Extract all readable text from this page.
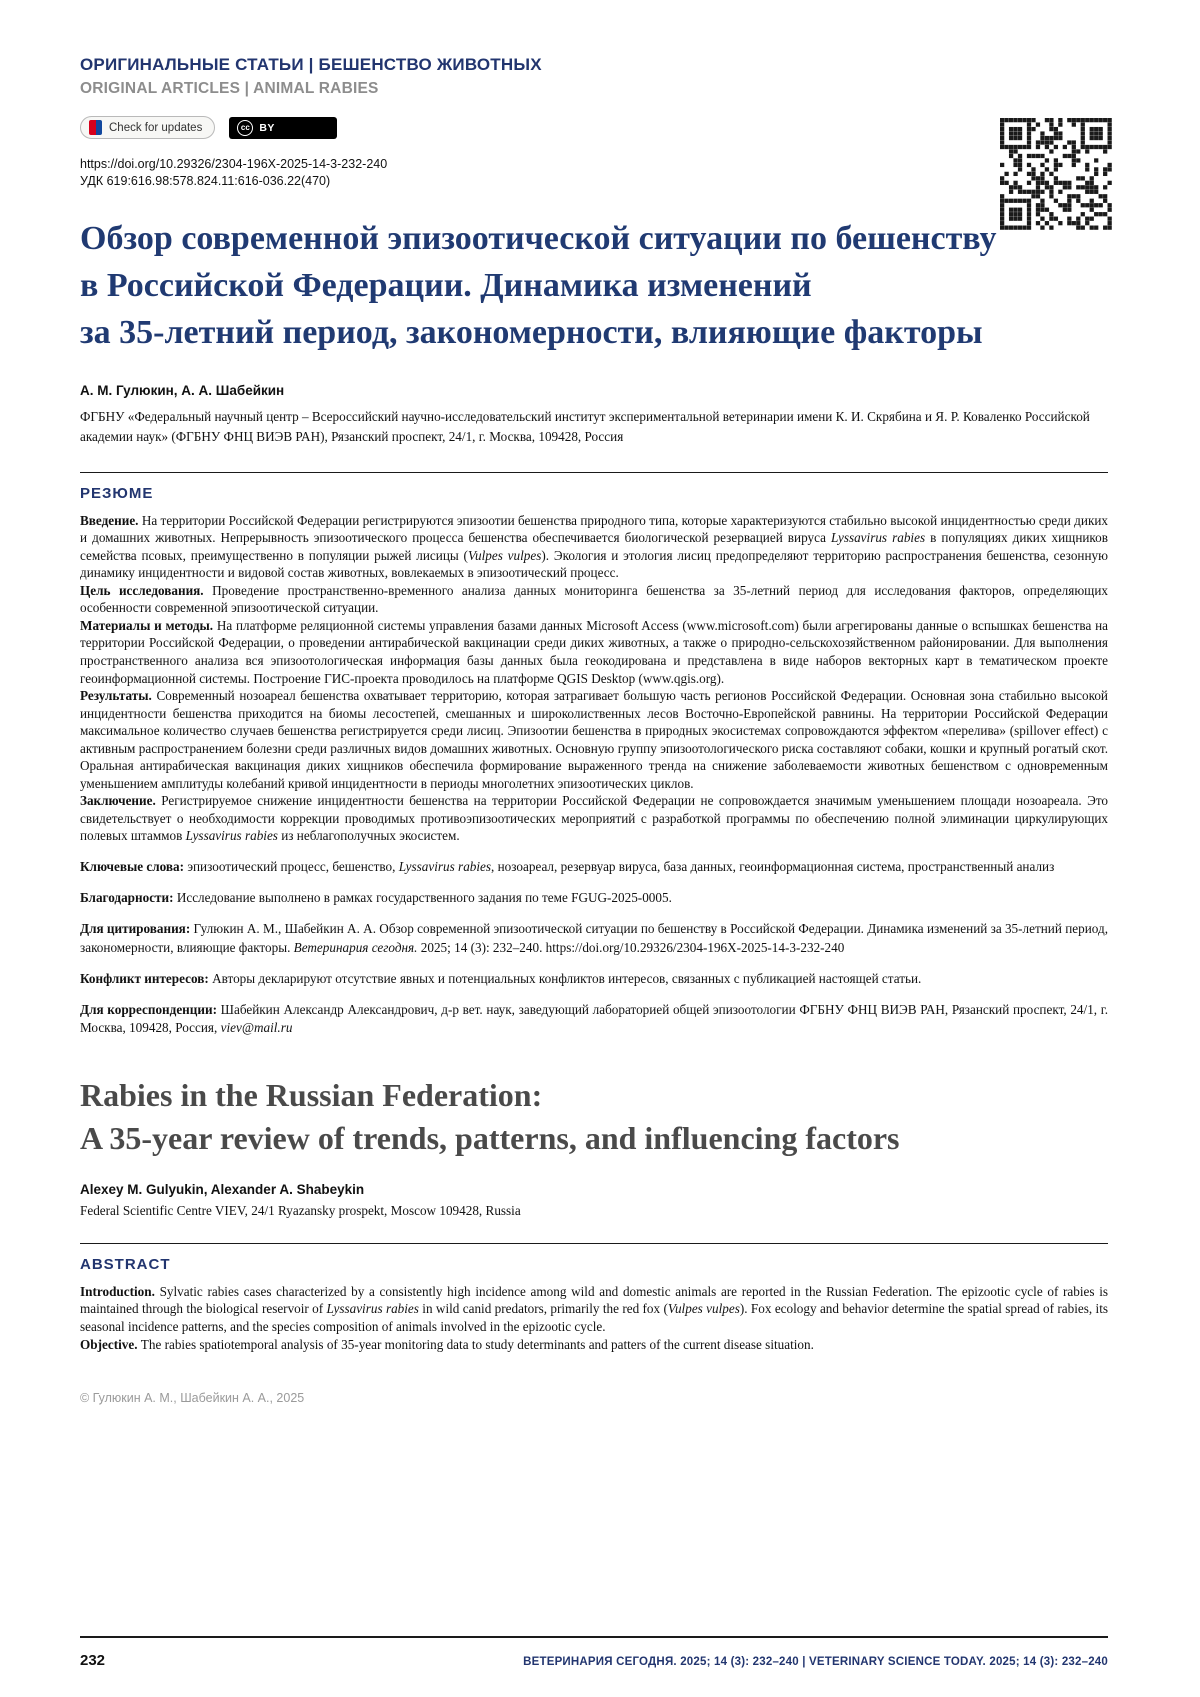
ОРИГИНАЛЬНЫЕ СТАТЬИ | БЕШЕНСТВО ЖИВОТНЫХ
ORIGINAL ARTICLES | ANIMAL RABIES
Check for updates	cc BY
https://doi.org/10.29326/2304-196X-2025-14-3-232-240
УДК 619:616.98:578.824.11:616-036.22(470)
Обзор современной эпизоотической ситуации по бешенству
в Российской Федерации. Динамика изменений
за 35-летний период, закономерности, влияющие факторы
А. М. Гулюкин, А. А. Шабейкин
ФГБНУ «Федеральный научный центр – Всероссийский научно-исследовательский институт экспериментальной ветеринарии имени К. И. Скрябина и Я. Р. Коваленко Российской академии наук» (ФГБНУ ФНЦ ВИЭВ РАН), Рязанский проспект, 24/1, г. Москва, 109428, Россия
РЕЗЮМЕ

Введение. На территории Российской Федерации регистрируются эпизоотии бешенства природного типа, которые характеризуются стабильно высокой инцидентностью среди диких и домашних животных. Непрерывность эпизоотического процесса бешенства обеспечивается биологической резервацией вируса Lyssavirus rabies в популяциях диких хищников семейства псовых, преимущественно в популяции рыжей лисицы (Vulpes vulpes). Экология и этология лисиц предопределяют территорию распространения бешенства, сезонную динамику инцидентности и видовой состав животных, вовлекаемых в эпизоотический процесс.

Цель исследования. Проведение пространственно-временного анализа данных мониторинга бешенства за 35-летний период для исследования факторов, определяющих особенности современной эпизоотической ситуации.

Материалы и методы. На платформе реляционной системы управления базами данных Microsoft Access (www.microsoft.com) были агрегированы данные о вспышках бешенства на территории Российской Федерации, о проведении антирабической вакцинации среди диких животных, а также о природно-сельскохозяйственном районировании. Для выполнения пространственного анализа вся эпизоотологическая информация базы данных была геокодирована и представлена в виде наборов векторных карт в тематическом проекте геоинформационной системы. Построение ГИС-проекта проводилось на платформе QGIS Desktop (www.qgis.org).

Результаты. Современный нозоареал бешенства охватывает территорию, которая затрагивает большую часть регионов Российской Федерации. Основная зона стабильно высокой инцидентности бешенства приходится на биомы лесостепей, смешанных и широколиственных лесов Восточно-Европейской равнины. На территории Российской Федерации максимальное количество случаев бешенства регистрируется среди лисиц. Эпизоотии бешенства в природных экосистемах сопровождаются эффектом «перелива» (spillover effect) с активным распространением болезни среди различных видов домашних животных. Основную группу эпизоотологического риска составляют собаки, кошки и крупный рогатый скот. Оральная антирабическая вакцинация диких хищников обеспечила формирование выраженного тренда на снижение заболеваемости животных бешенством с одновременным уменьшением амплитуды колебаний кривой инцидентности в периоды многолетних эпизоотических циклов.

Заключение. Регистрируемое снижение инцидентности бешенства на территории Российской Федерации не сопровождается значимым уменьшением площади нозоареала. Это свидетельствует о необходимости коррекции проводимых противоэпизоотических мероприятий с разработкой программы по обеспечению полной элиминации циркулирующих полевых штаммов Lyssavirus rabies из неблагополучных экосистем.

Ключевые слова: эпизоотический процесс, бешенство, Lyssavirus rabies, нозоареал, резервуар вируса, база данных, геоинформационная система, пространственный анализ
Благодарности: Исследование выполнено в рамках государственного задания по теме FGUG-2025-0005.
Для цитирования: Гулюкин А. М., Шабейкин А. А. Обзор современной эпизоотической ситуации по бешенству в Российской Федерации. Динамика изменений за 35-летний период, закономерности, влияющие факторы. Ветеринария сегодня. 2025; 14 (3): 232–240. https://doi.org/10.29326/2304-196X-2025-14-3-232-240
Конфликт интересов: Авторы декларируют отсутствие явных и потенциальных конфликтов интересов, связанных с публикацией настоящей статьи.
Для корреспонденции: Шабейкин Александр Александрович, д-р вет. наук, заведующий лабораторией общей эпизоотологии ФГБНУ ФНЦ ВИЭВ РАН, Рязанский проспект, 24/1, г. Москва, 109428, Россия, viev@mail.ru
Rabies in the Russian Federation:
A 35-year review of trends, patterns, and influencing factors
Alexey M. Gulyukin, Alexander A. Shabeykin
Federal Scientific Centre VIEV, 24/1 Ryazansky prospekt, Moscow 109428, Russia
ABSTRACT

Introduction. Sylvatic rabies cases characterized by a consistently high incidence among wild and domestic animals are reported in the Russian Federation. The epizootic cycle of rabies is maintained through the biological reservoir of Lyssavirus rabies in wild canid predators, primarily the red fox (Vulpes vulpes). Fox ecology and behavior determine the spatial spread of rabies, its seasonal incidence patterns, and the species composition of animals involved in the epizootic cycle.

Objective. The rabies spatiotemporal analysis of 35-year monitoring data to study determinants and patters of the current disease situation.

© Гулюкин А. М., Шабейкин А. А., 2025
232	ВЕТЕРИНАРИЯ СЕГОДНЯ. 2025; 14 (3): 232–240 | VETERINARY SCIENCE TODAY. 2025; 14 (3): 232–240
